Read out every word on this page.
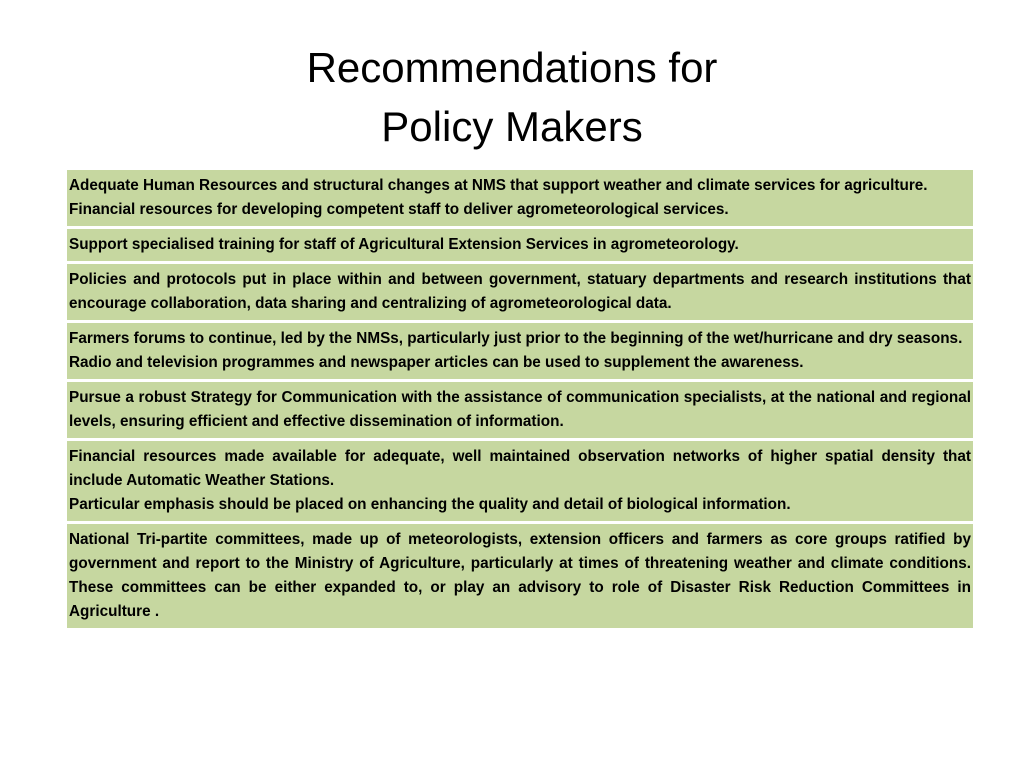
Recommendations for
Policy Makers
Adequate Human Resources and structural changes at NMS that support weather and climate services for agriculture.
Financial resources for developing competent staff to deliver agrometeorological services.
Support specialised training for staff of Agricultural Extension Services in agrometeorology.
Policies and protocols put in place within and between government, statuary departments and research institutions that encourage collaboration, data sharing and centralizing of agrometeorological data.
Farmers forums to continue, led by the NMSs, particularly just prior to the beginning of the wet/hurricane and dry seasons.
Radio and television programmes and newspaper articles can be used to supplement the awareness.
Pursue a robust Strategy for Communication with the assistance of communication specialists, at the national and regional levels, ensuring efficient and effective dissemination of information.
Financial resources made available for adequate, well maintained observation networks of higher spatial density that include Automatic Weather Stations.
Particular emphasis should be placed on enhancing the quality and detail of biological information.
National Tri-partite committees, made up of meteorologists, extension officers and farmers as core groups ratified by government and report to the Ministry of Agriculture, particularly at times of threatening weather and climate conditions. These committees can be either expanded to, or play an advisory to role of Disaster Risk Reduction Committees in Agriculture .
